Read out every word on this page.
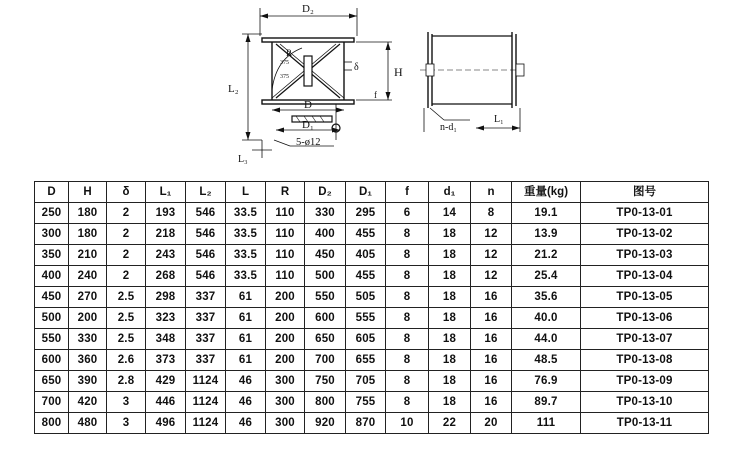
D₂
L₂
H
D
D₁
5-ø12
L₃
δ
R
375
375
f
n-d₁
L₁
D	H	δ	L₁	L₂	L	R	D₂	D₁	f	d₁	n	重量(kg)	图号
250	180	2	193	546	33.5	110	330	295	6	14	8	19.1	TP0-13-01
300	180	2	218	546	33.5	110	400	455	8	18	12	13.9	TP0-13-02
350	210	2	243	546	33.5	110	450	405	8	18	12	21.2	TP0-13-03
400	240	2	268	546	33.5	110	500	455	8	18	12	25.4	TP0-13-04
450	270	2.5	298	337	61	200	550	505	8	18	16	35.6	TP0-13-05
500	200	2.5	323	337	61	200	600	555	8	18	16	40.0	TP0-13-06
550	330	2.5	348	337	61	200	650	605	8	18	16	44.0	TP0-13-07
600	360	2.6	373	337	61	200	700	655	8	18	16	48.5	TP0-13-08
650	390	2.8	429	1124	46	300	750	705	8	18	16	76.9	TP0-13-09
700	420	3	446	1124	46	300	800	755	8	18	16	89.7	TP0-13-10
800	480	3	496	1124	46	300	920	870	10	22	20	111	TP0-13-11
